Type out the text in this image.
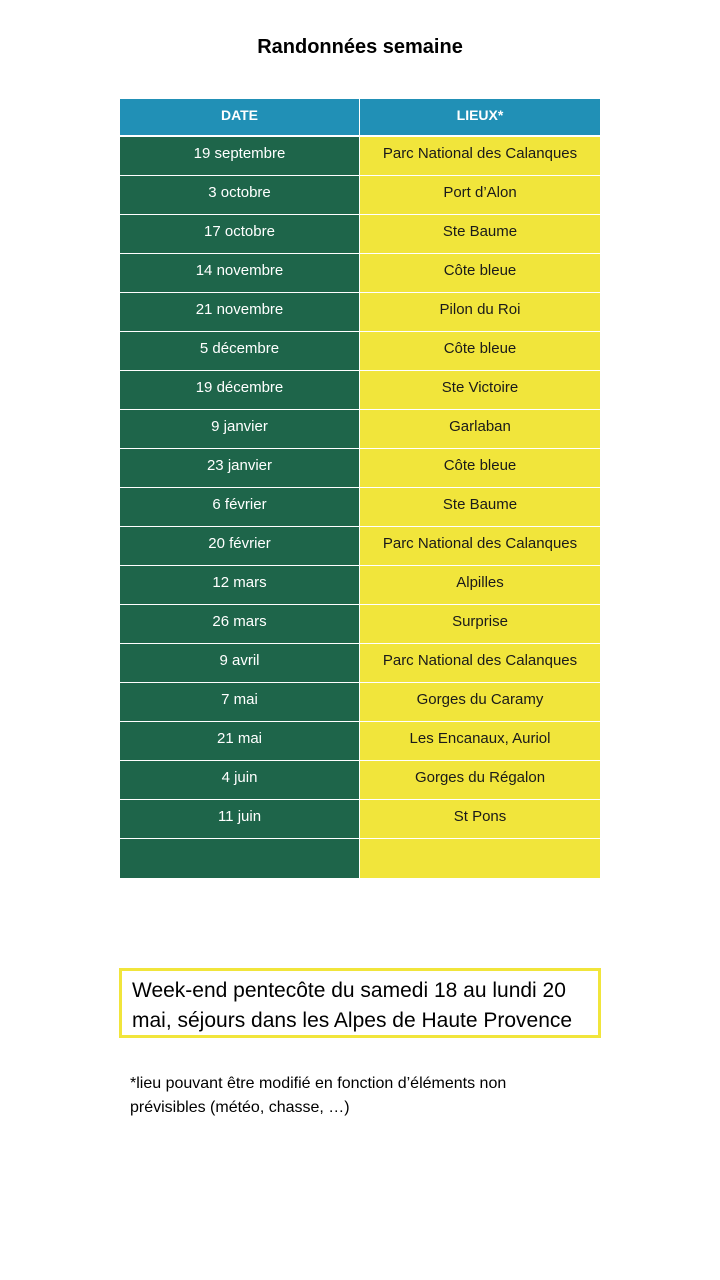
Randonnées semaine
DATE	LIEUX*
19 septembre	Parc National des Calanques
3 octobre	Port d’Alon
17 octobre	Ste Baume
14 novembre	Côte bleue
21 novembre	Pilon du Roi
5 décembre	Côte bleue
19 décembre	Ste Victoire
9 janvier	Garlaban
23 janvier	Côte bleue
6 février	Ste Baume
20 février	Parc National des Calanques
12 mars	Alpilles
26 mars	Surprise
9 avril	Parc National des Calanques
7 mai	Gorges du Caramy
21 mai	Les Encanaux, Auriol
4 juin	Gorges du Régalon
11 juin	St Pons
Week-end pentecôte du samedi 18 au lundi 20 mai, séjours dans les Alpes de Haute Provence
*lieu pouvant être modifié en fonction d’éléments non prévisibles (météo, chasse, …)
